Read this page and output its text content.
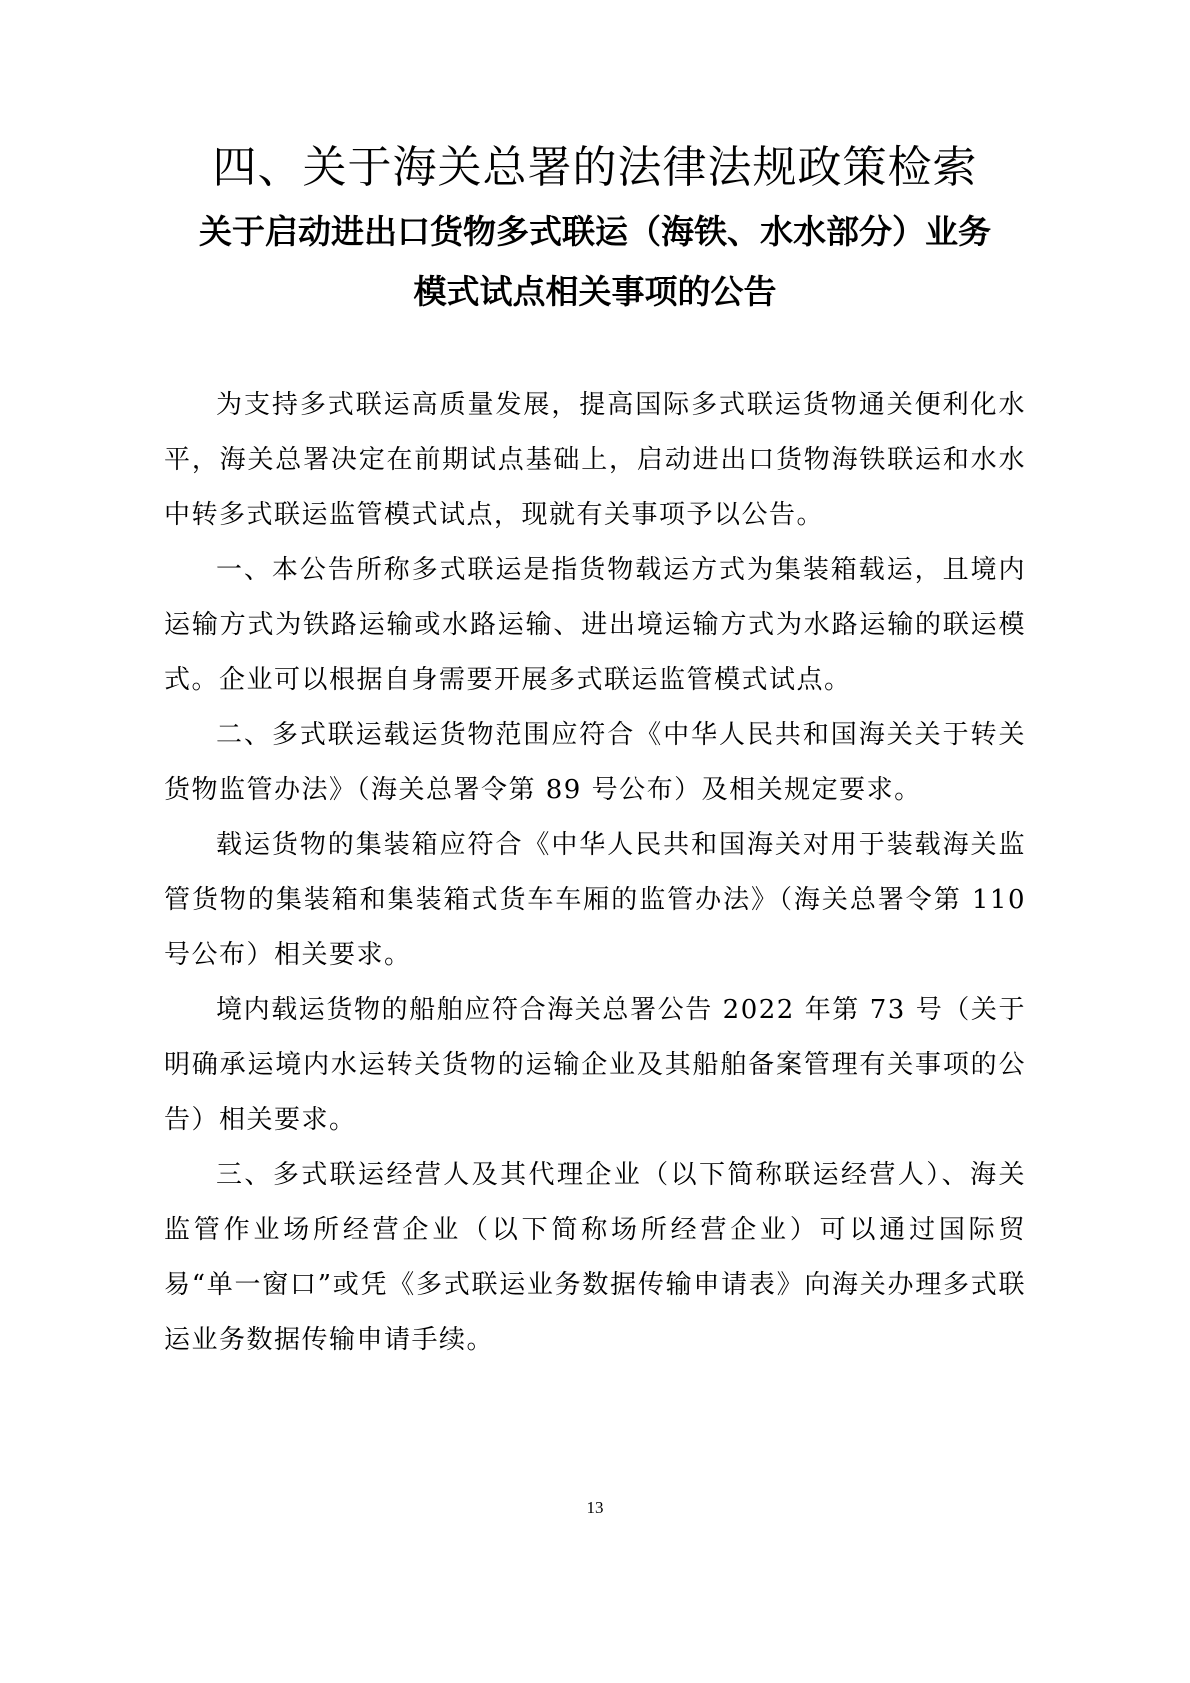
四、关于海关总署的法律法规政策检索
关于启动进出口货物多式联运（海铁、水水部分）业务
模式试点相关事项的公告

为支持多式联运高质量发展，提高国际多式联运货物通关便利化水平，海关总署决定在前期试点基础上，启动进出口货物海铁联运和水水中转多式联运监管模式试点，现就有关事项予以公告。

一、本公告所称多式联运是指货物载运方式为集装箱载运，且境内运输方式为铁路运输或水路运输、进出境运输方式为水路运输的联运模式。企业可以根据自身需要开展多式联运监管模式试点。

二、多式联运载运货物范围应符合《中华人民共和国海关关于转关货物监管办法》（海关总署令第 89 号公布）及相关规定要求。

载运货物的集装箱应符合《中华人民共和国海关对用于装载海关监管货物的集装箱和集装箱式货车车厢的监管办法》（海关总署令第 110 号公布）相关要求。

境内载运货物的船舶应符合海关总署公告 2022 年第 73 号（关于明确承运境内水运转关货物的运输企业及其船舶备案管理有关事项的公告）相关要求。

三、多式联运经营人及其代理企业（以下简称联运经营人）、海关监管作业场所经营企业（以下简称场所经营企业）可以通过国际贸易“单一窗口”或凭《多式联运业务数据传输申请表》向海关办理多式联运业务数据传输申请手续。

13
